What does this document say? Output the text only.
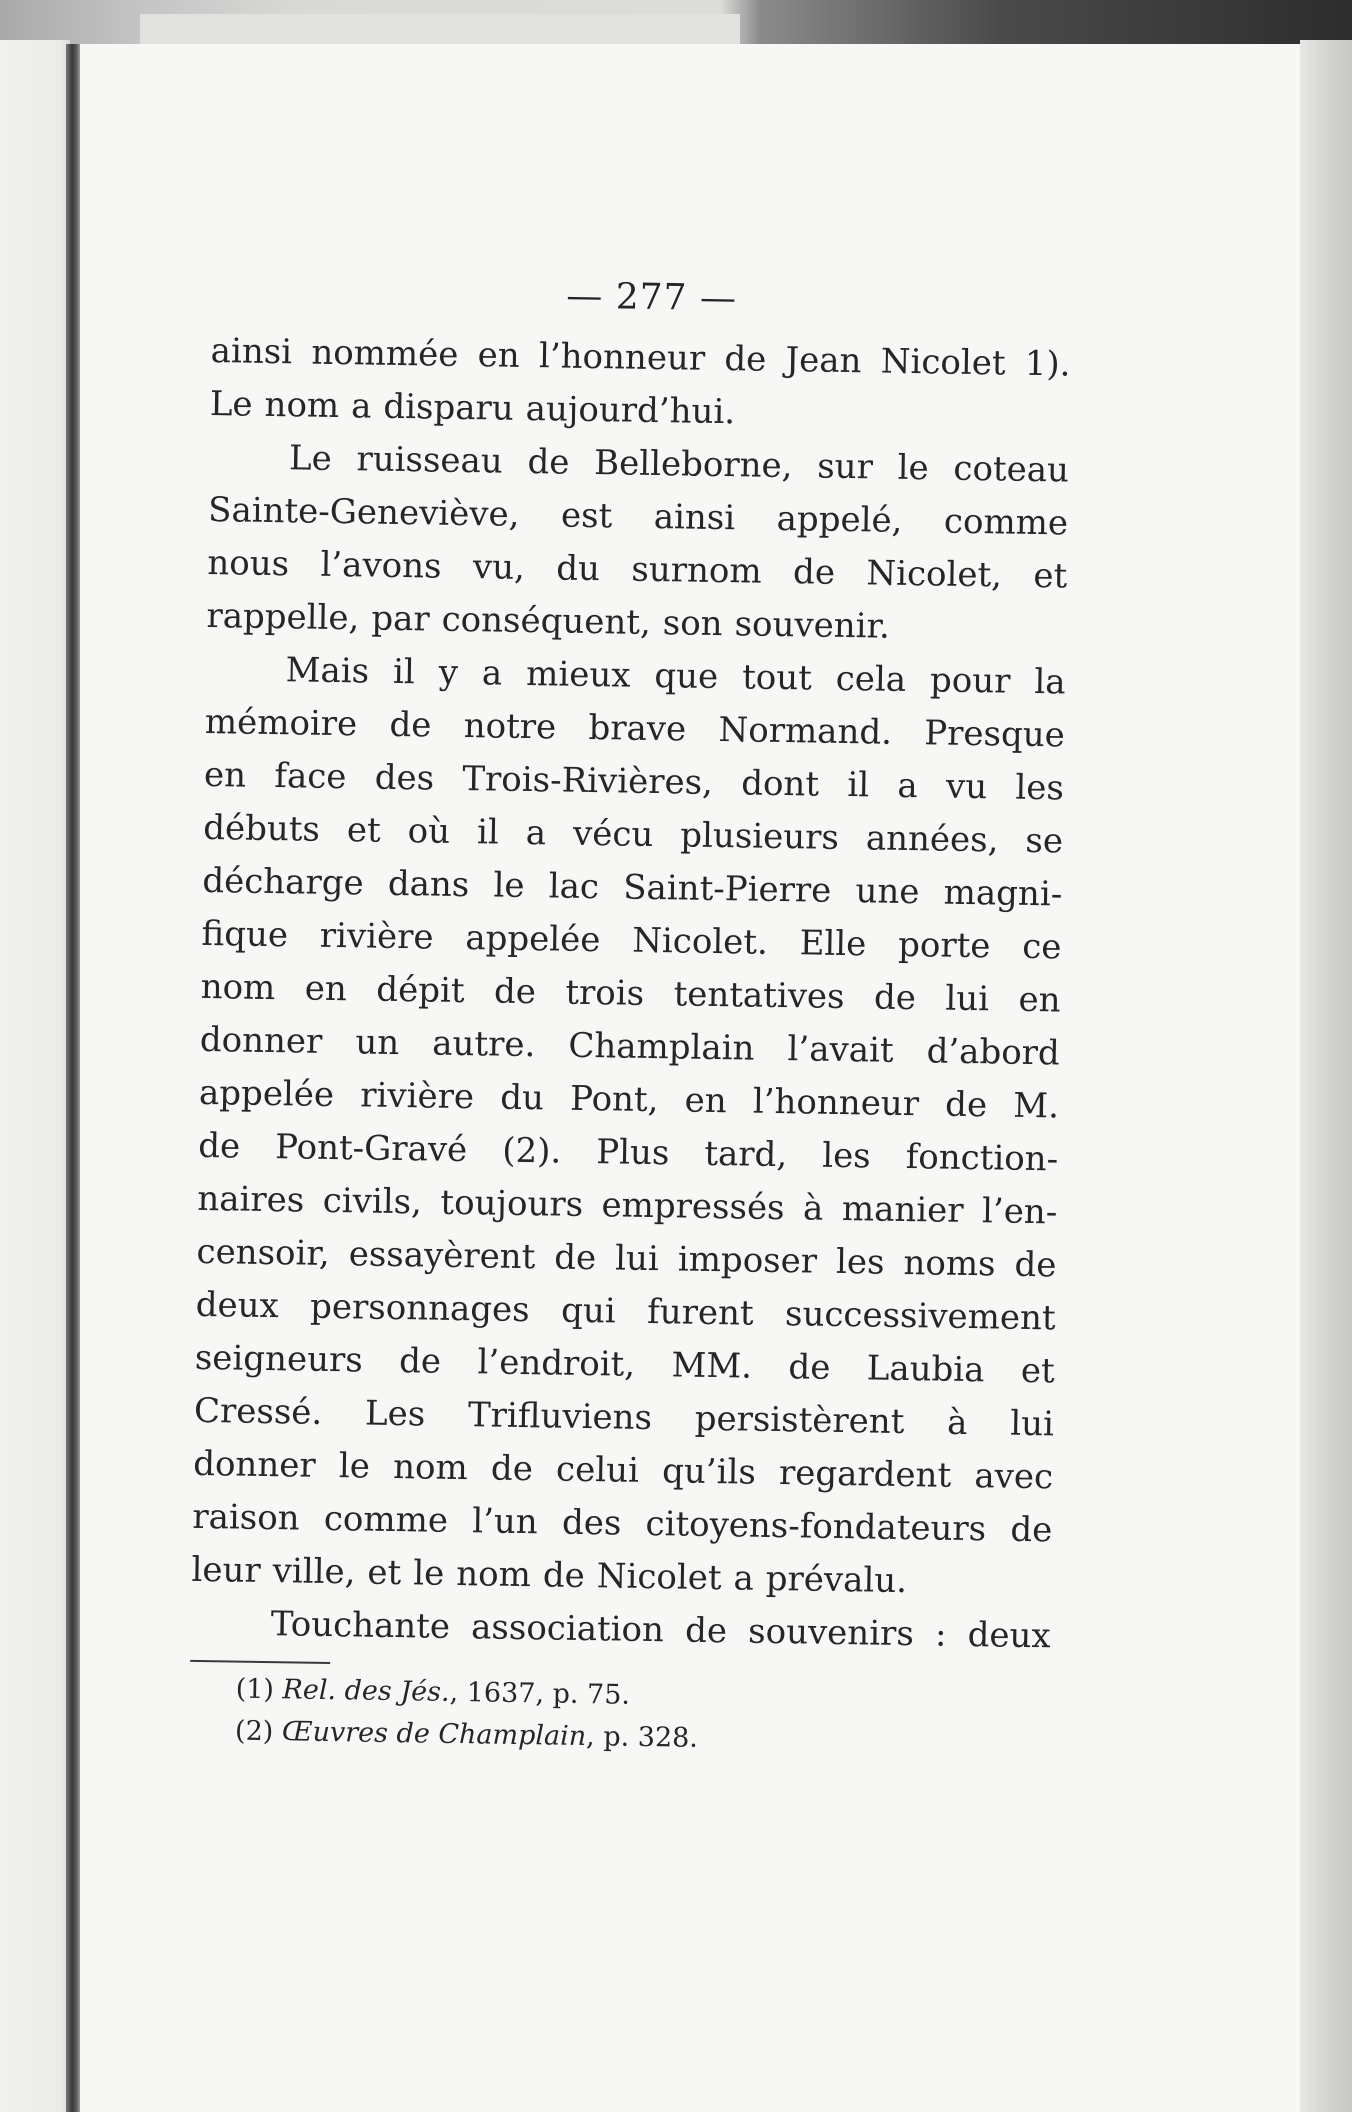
— 277 —
ainsi nommée en l’honneur de Jean Nicolet 1).
Le nom a disparu aujourd’hui.
Le ruisseau de Belleborne, sur le coteau
Sainte-Geneviève, est ainsi appelé, comme
nous l’avons vu, du surnom de Nicolet, et
rappelle, par conséquent, son souvenir.
Mais il y a mieux que tout cela pour la
mémoire de notre brave Normand. Presque
en face des Trois-Rivières, dont il a vu les
débuts et où il a vécu plusieurs années, se
décharge dans le lac Saint-Pierre une magni-
fique rivière appelée Nicolet. Elle porte ce
nom en dépit de trois tentatives de lui en
donner un autre. Champlain l’avait d’abord
appelée rivière du Pont, en l’honneur de M.
de Pont-Gravé (2). Plus tard, les fonction-
naires civils, toujours empressés à manier l’en-
censoir, essayèrent de lui imposer les noms de
deux personnages qui furent successivement
seigneurs de l’endroit, MM. de Laubia et
Cressé. Les Trifluviens persistèrent à lui
donner le nom de celui qu’ils regardent avec
raison comme l’un des citoyens-fondateurs de
leur ville, et le nom de Nicolet a prévalu.
Touchante association de souvenirs : deux
(1) Rel. des Jés., 1637, p. 75.
(2) Œuvres de Champlain, p. 328.
